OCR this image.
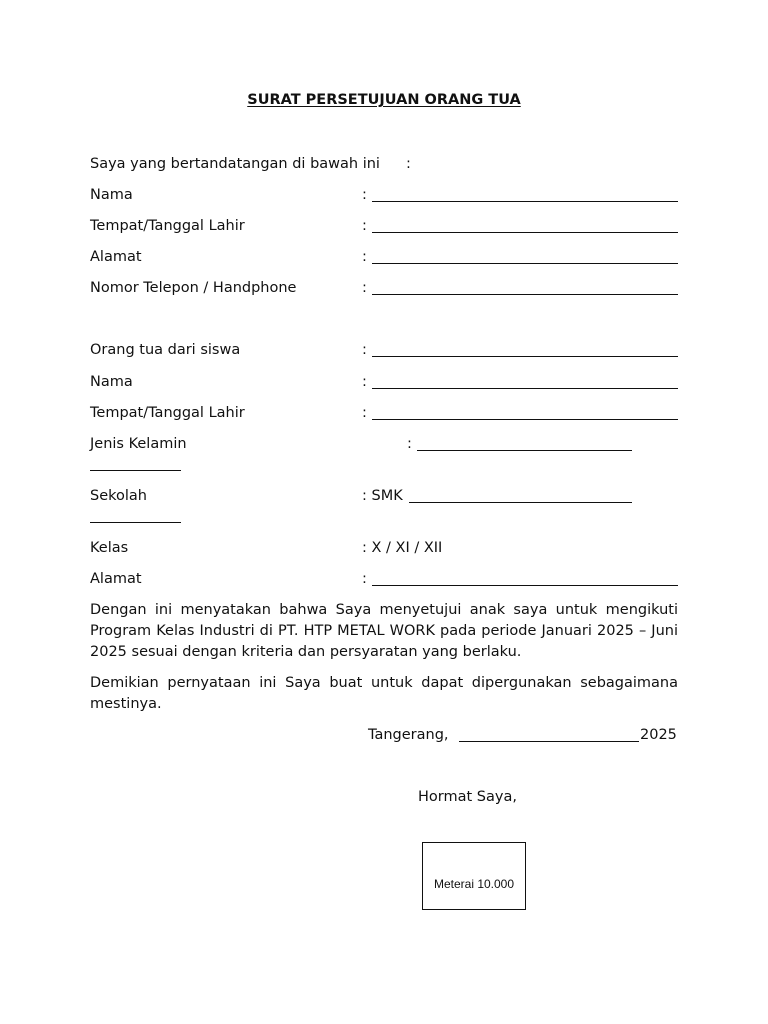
SURAT PERSETUJUAN ORANG TUA
Saya yang bertandatangan di bawah ini :
Nama	:
Tempat/Tanggal Lahir	:
Alamat	:
Nomor Telepon / Handphone	:
Orang tua dari siswa	:
Nama	:
Tempat/Tanggal Lahir	:
Jenis Kelamin	:
Sekolah	: SMK
Kelas	: X / XI / XII
Alamat	:
Dengan ini menyatakan bahwa Saya menyetujui anak saya untuk mengikuti Program Kelas Industri di PT. HTP METAL WORK pada periode Januari 2025 – Juni 2025 sesuai dengan kriteria dan persyaratan yang berlaku.
Demikian pernyataan ini Saya buat untuk dapat dipergunakan sebagaimana mestinya.
Tangerang,	2025
Hormat Saya,
Meterai 10.000
